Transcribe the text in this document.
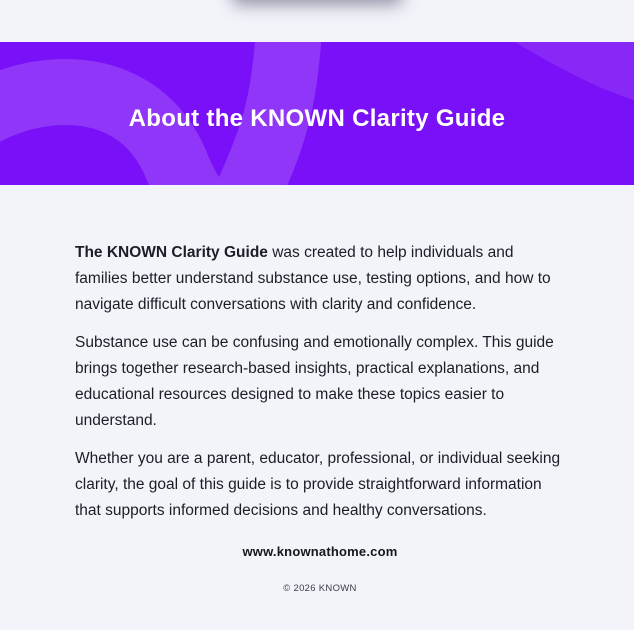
About the KNOWN Clarity Guide

The KNOWN Clarity Guide was created to help individuals and families better understand substance use, testing options, and how to navigate difficult conversations with clarity and confidence.

Substance use can be confusing and emotionally complex. This guide brings together research-based insights, practical explanations, and educational resources designed to make these topics easier to understand.

Whether you are a parent, educator, professional, or individual seeking clarity, the goal of this guide is to provide straightforward information that supports informed decisions and healthy conversations.

www.knownathome.com
© 2026 KNOWN
